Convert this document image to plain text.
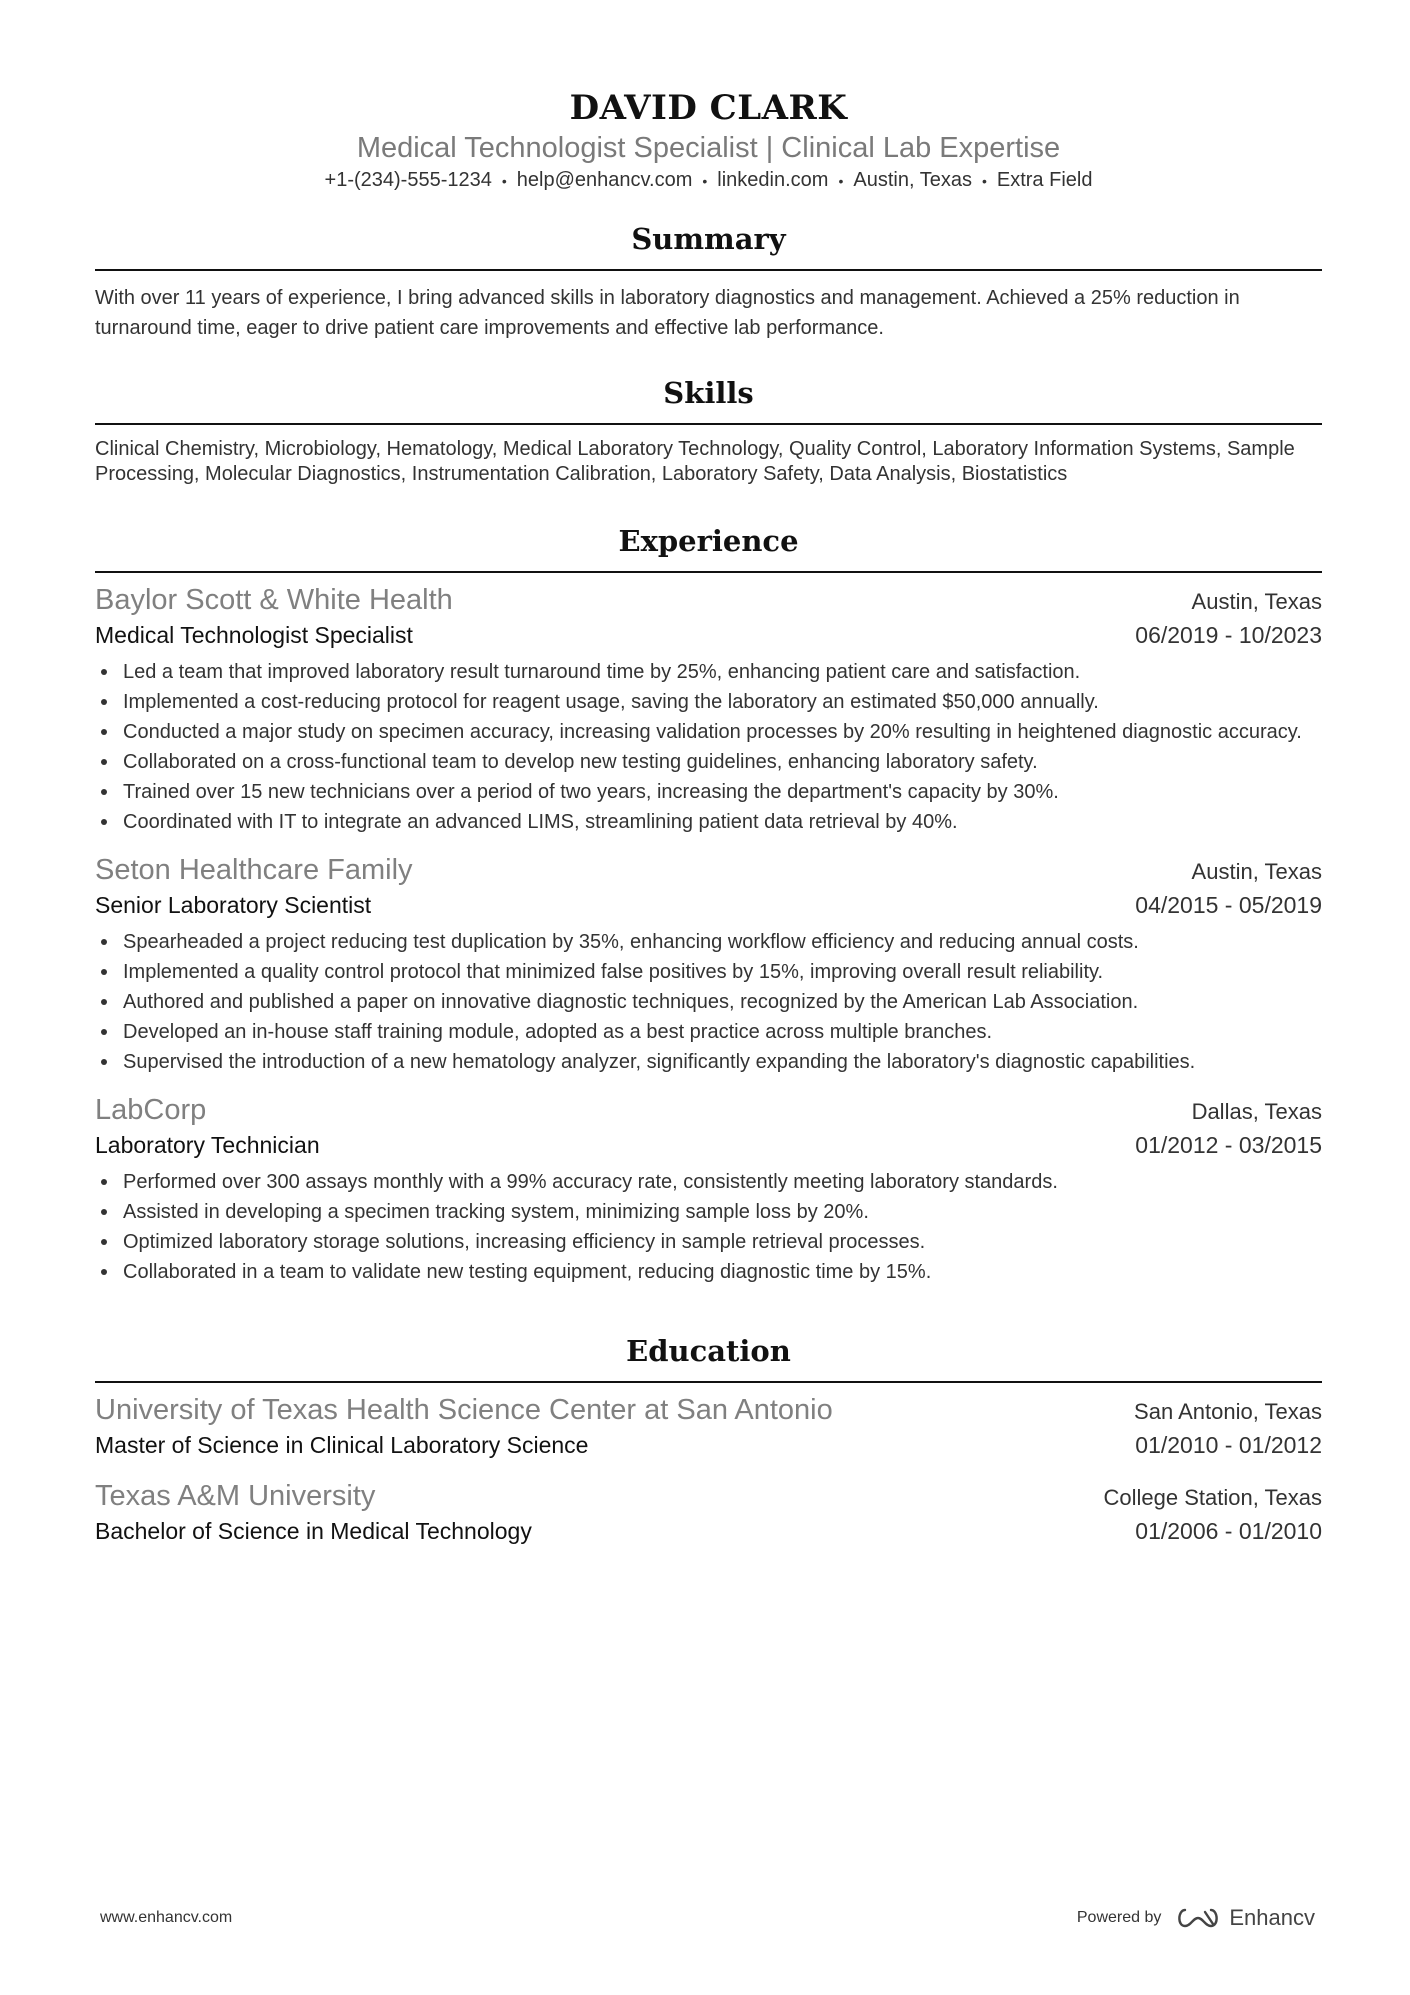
DAVID CLARK
Medical Technologist Specialist | Clinical Lab Expertise
+1-(234)-555-1234 • help@enhancv.com • linkedin.com • Austin, Texas • Extra Field
Summary
With over 11 years of experience, I bring advanced skills in laboratory diagnostics and management. Achieved a 25% reduction in turnaround time, eager to drive patient care improvements and effective lab performance.
Skills
Clinical Chemistry, Microbiology, Hematology, Medical Laboratory Technology, Quality Control, Laboratory Information Systems, Sample Processing, Molecular Diagnostics, Instrumentation Calibration, Laboratory Safety, Data Analysis, Biostatistics
Experience
Baylor Scott & White Health	Austin, Texas
Medical Technologist Specialist	06/2019 - 10/2023
Led a team that improved laboratory result turnaround time by 25%, enhancing patient care and satisfaction.
Implemented a cost-reducing protocol for reagent usage, saving the laboratory an estimated $50,000 annually.
Conducted a major study on specimen accuracy, increasing validation processes by 20% resulting in heightened diagnostic accuracy.
Collaborated on a cross-functional team to develop new testing guidelines, enhancing laboratory safety.
Trained over 15 new technicians over a period of two years, increasing the department's capacity by 30%.
Coordinated with IT to integrate an advanced LIMS, streamlining patient data retrieval by 40%.
Seton Healthcare Family	Austin, Texas
Senior Laboratory Scientist	04/2015 - 05/2019
Spearheaded a project reducing test duplication by 35%, enhancing workflow efficiency and reducing annual costs.
Implemented a quality control protocol that minimized false positives by 15%, improving overall result reliability.
Authored and published a paper on innovative diagnostic techniques, recognized by the American Lab Association.
Developed an in-house staff training module, adopted as a best practice across multiple branches.
Supervised the introduction of a new hematology analyzer, significantly expanding the laboratory's diagnostic capabilities.
LabCorp	Dallas, Texas
Laboratory Technician	01/2012 - 03/2015
Performed over 300 assays monthly with a 99% accuracy rate, consistently meeting laboratory standards.
Assisted in developing a specimen tracking system, minimizing sample loss by 20%.
Optimized laboratory storage solutions, increasing efficiency in sample retrieval processes.
Collaborated in a team to validate new testing equipment, reducing diagnostic time by 15%.
Education
University of Texas Health Science Center at San Antonio	San Antonio, Texas
Master of Science in Clinical Laboratory Science	01/2010 - 01/2012
Texas A&M University	College Station, Texas
Bachelor of Science in Medical Technology	01/2006 - 01/2010
www.enhancv.com	Powered by	Enhancv
